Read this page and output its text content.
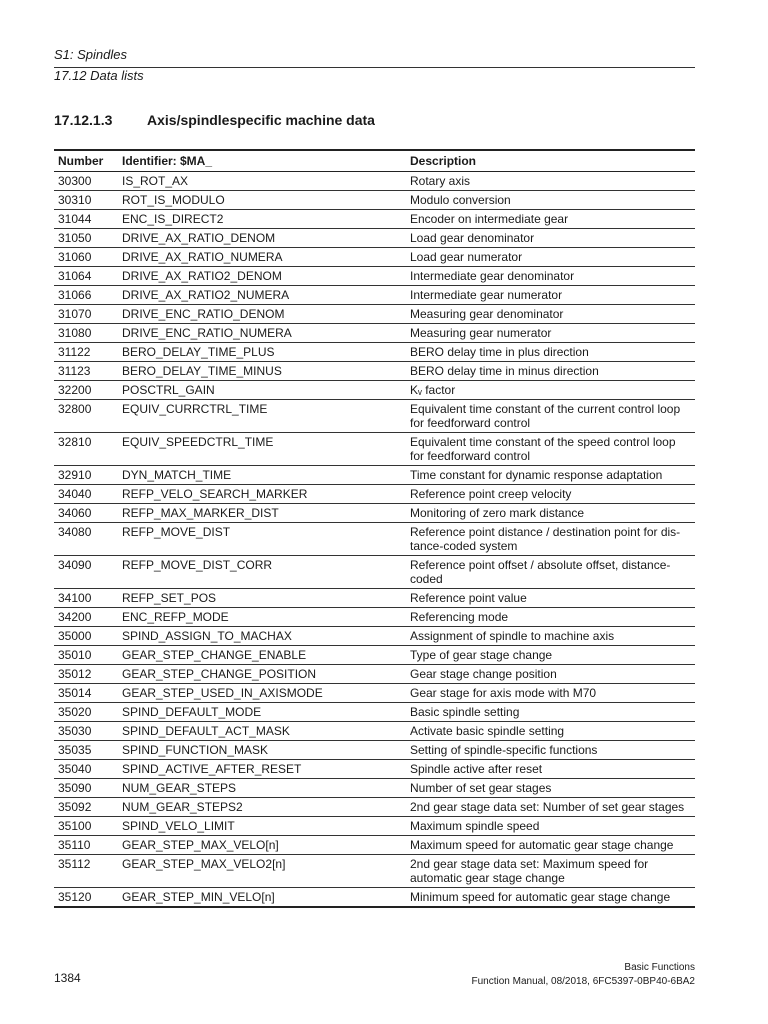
S1: Spindles
17.12 Data lists
17.12.1.3 Axis/spindlespecific machine data
Number	Identifier: $MA_	Description
30300	IS_ROT_AX	Rotary axis
30310	ROT_IS_MODULO	Modulo conversion
31044	ENC_IS_DIRECT2	Encoder on intermediate gear
31050	DRIVE_AX_RATIO_DENOM	Load gear denominator
31060	DRIVE_AX_RATIO_NUMERA	Load gear numerator
31064	DRIVE_AX_RATIO2_DENOM	Intermediate gear denominator
31066	DRIVE_AX_RATIO2_NUMERA	Intermediate gear numerator
31070	DRIVE_ENC_RATIO_DENOM	Measuring gear denominator
31080	DRIVE_ENC_RATIO_NUMERA	Measuring gear numerator
31122	BERO_DELAY_TIME_PLUS	BERO delay time in plus direction
31123	BERO_DELAY_TIME_MINUS	BERO delay time in minus direction
32200	POSCTRL_GAIN	Kᵥ factor
32800	EQUIV_CURRCTRL_TIME	Equivalent time constant of the current control loop for feedforward control
32810	EQUIV_SPEEDCTRL_TIME	Equivalent time constant of the speed control loop for feedforward control
32910	DYN_MATCH_TIME	Time constant for dynamic response adaptation
34040	REFP_VELO_SEARCH_MARKER	Reference point creep velocity
34060	REFP_MAX_MARKER_DIST	Monitoring of zero mark distance
34080	REFP_MOVE_DIST	Reference point distance / destination point for dis-tance-coded system
34090	REFP_MOVE_DIST_CORR	Reference point offset / absolute offset, distance-coded
34100	REFP_SET_POS	Reference point value
34200	ENC_REFP_MODE	Referencing mode
35000	SPIND_ASSIGN_TO_MACHAX	Assignment of spindle to machine axis
35010	GEAR_STEP_CHANGE_ENABLE	Type of gear stage change
35012	GEAR_STEP_CHANGE_POSITION	Gear stage change position
35014	GEAR_STEP_USED_IN_AXISMODE	Gear stage for axis mode with M70
35020	SPIND_DEFAULT_MODE	Basic spindle setting
35030	SPIND_DEFAULT_ACT_MASK	Activate basic spindle setting
35035	SPIND_FUNCTION_MASK	Setting of spindle-specific functions
35040	SPIND_ACTIVE_AFTER_RESET	Spindle active after reset
35090	NUM_GEAR_STEPS	Number of set gear stages
35092	NUM_GEAR_STEPS2	2nd gear stage data set: Number of set gear stages
35100	SPIND_VELO_LIMIT	Maximum spindle speed
35110	GEAR_STEP_MAX_VELO[n]	Maximum speed for automatic gear stage change
35112	GEAR_STEP_MAX_VELO2[n]	2nd gear stage data set: Maximum speed for automatic gear stage change
35120	GEAR_STEP_MIN_VELO[n]	Minimum speed for automatic gear stage change
Basic Functions
Function Manual, 08/2018, 6FC5397-0BP40-6BA2
1384
